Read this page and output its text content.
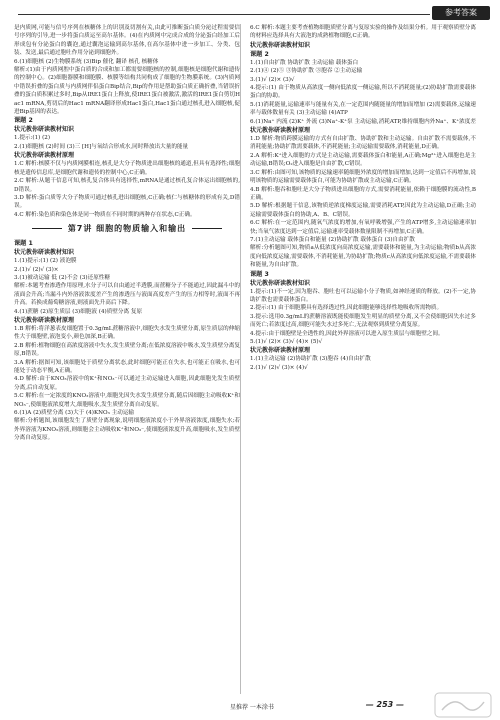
参考答案
是内质网,可能与信号序列在核糖体上的识别及切割有关,由此可推断蛋白质分泌过程需要信号序列的引导,进一步将蛋白质运至高尔基体。(4)在内质网中完成合成的分泌蛋白经加工后形成包有分泌蛋白的囊泡,通过囊泡运输到高尔基体,在高尔基体中进一步加工、分类、包装、发送,最后通过胞吐作用分泌到细胞外。
6.(1)细胞核 (2)生物膜系统 (3)Bip 催化 翻译 核孔 核糖体
解析:(1)由于内质网腔中蛋白质的合成和加工都需要细胞核的控制,细胞核是细胞代谢和遗传的控制中心。(2)细胞器膜和细胞膜、核膜等结构共同构成了细胞的生物膜系统。(3)内质网中错误折叠的蛋白质与内质网伴侣蛋白Bip结合,Bip的作用是帮助蛋白质正确折叠,当错误折叠的蛋白质积累过多时,Bip从IRE1蛋白上释放,使IRE1蛋白被激活,激活的IRE1蛋白剪切Hac1 mRNA,剪切后的Hac1 mRNA翻译形成Hac1蛋白,Hac1蛋白通过核孔进入细胞核,促进Bip基因的表达。
课题 2
状元教你研读教材知识
1.提示:(1) (2)
2.(1)细胞核 (2)时间 (3)三 [H]与氧结合形成水,同时释放出大量的能量
状元教你研读教材原理
1.C 解析:核膜不仅与内质网膜相连,核孔是大分子物质进出细胞核的通道,但具有选择性;细胞核是遗传信息库,是细胞代谢和遗传的控制中心,C正确。
2.C 解析:从题干信息可知,核孔复合体具有选择性,mRNA是通过核孔复合体运出细胞核的,D错误。
3.D 解析:蛋白质等大分子物质可通过核孔进出细胞核,C正确;核仁与核糖体的形成有关,D错误。
4.C 解析:染色质和染色体是同一物质在不同时期的两种存在状态,C正确。
第7讲 细胞的物质输入和输出
课题 1
状元教你研读教材知识
1.(1)提示:(1) (2) 液泡膜
2.(1)√ (2)√ (3)×
3.(1)被动运输 低 (2)不会 (3)还原性糖
解析:本题考查渗透作用原理,水分子可以自由通过半透膜,而蔗糖分子不能通过,因此漏斗中的液面会升高;当漏斗内外溶液浓度差产生的渗透压与液面高度差产生的压力相等时,液面不再升高。若换成葡萄糖溶液,则液面先升高后下降。
4.(1)蔗糖 (2)原生质层 (3)细胞液 (4)质壁分离 复原
状元教你研读教材原理
1.B 解析:将洋葱表皮细胞置于0.3g/mL蔗糖溶液中,细胞失水发生质壁分离,原生质层的伸缩性大于细胞壁,液泡变小,颜色加深,B正确。
2.B 解析:植物细胞在高浓度溶液中失水,发生质壁分离;在低浓度溶液中吸水,发生质壁分离复原,B错误。
3.A 解析:据图可知,该细胞处于质壁分离状态,此时细胞可能正在失水,也可能正在吸水,也可能处于动态平衡,A正确。
4.D 解析:由于KNO₃溶液中的K⁺和NO₃⁻可以通过主动运输进入细胞,因此细胞先发生质壁分离,后自动复原。
5.C 解析:在一定浓度的KNO₃溶液中,细胞先因失水发生质壁分离,随后因细胞主动吸收K⁺和NO₃⁻,使细胞液浓度增大,细胞吸水,发生质壁分离自动复原。
6.(1)A (2)质壁分离 (3)大于 (4)KNO₃ 主动运输
解析:分析题图,该细胞发生了质壁分离现象,说明细胞液浓度小于外界溶液浓度,细胞失水;若外界溶液为KNO₃溶液,则细胞会主动吸收K⁺和NO₃⁻,使细胞液浓度升高,细胞吸水,发生质壁分离自动复原。
6.C 解析:本题主要考查植物细胞质壁分离与复原实验的操作及结果分析。用于观察质壁分离的材料应选择具有大液泡的成熟植物细胞,C正确。
状元教你研读教材知识
课题 2
1.(1)自由扩散 协助扩散 主动运输 载体蛋白
2.(1)④ (2)⑤ ③协助扩散 ③胞吞 ②主动运输
3.(1)√ (2)× (3)√
4.提示:(1) 由于物质从高浓度一侧向低浓度一侧运输,所以不消耗能量;(2)协助扩散需要载体蛋白的协助。
5.(1)消耗能量,运输速率与能量有关,在一定范围内随能量的增加而增加 (2)需要载体,运输速率与载体数量有关 (3)主动运输 (4)ATP
6.(1)Na⁺ 内流 (2)K⁺ 外流 (3)Na⁺-K⁺泵 主动运输,消耗ATP,维持细胞内外Na⁺、K⁺浓度差
状元教你研读教材原理
1.D 解析:物质跨膜运输的方式有自由扩散、协助扩散和主动运输。自由扩散不需要载体,不消耗能量;协助扩散需要载体,不消耗能量;主动运输需要载体,消耗能量,D正确。
2.A 解析:K⁺进入细胞的方式是主动运输,需要载体蛋白和能量,A正确;Mg²⁺进入细胞也是主动运输,B错误;O₂进入细胞是自由扩散,C错误。
3.C 解析:由图可知,该物质的运输速率随细胞外浓度的增加而增加,达到一定值后不再增加,说明该物质的运输需要载体蛋白,可能为协助扩散或主动运输,C正确。
4.B 解析:胞吞和胞吐是大分子物质进出细胞的方式,需要消耗能量,依赖于细胞膜的流动性,B正确。
5.D 解析:根据题干信息,该物质逆浓度梯度运输,需要消耗ATP,因此为主动运输,D正确;主动运输需要载体蛋白的协助,A、B、C错误。
6.C 解析:在一定范围内,随氧气浓度的增加,有氧呼吸增强,产生的ATP增多,主动运输速率加快;当氧气浓度达到一定值后,运输速率受载体数量限制不再增加,C正确。
7.(1)主动运输 载体蛋白和能量 (2)协助扩散 载体蛋白 (3)自由扩散
解析:分析题图可知,物质a从低浓度向高浓度运输,需要载体和能量,为主动运输;物质b从高浓度向低浓度运输,需要载体,不消耗能量,为协助扩散;物质c从高浓度向低浓度运输,不需要载体和能量,为自由扩散。
课题 3
状元教你研读教材知识
1.提示:(1)不一定,因为胞吞、胞吐也可以运输小分子物质,如神经递质的释放。(2)不一定,协助扩散也需要载体蛋白。
2.提示:(1) 由于细胞膜具有选择透过性,因此细胞能够选择性地吸收所需物质。
3.提示:选用0.3g/mL的蔗糖溶液既能使细胞发生明显的质壁分离,又不会使细胞因失水过多而死亡;若浓度过高,细胞可能失水过多死亡,无法观察到质壁分离复原。
4.提示:由于细胞壁是全透性的,因此外界溶液可以进入原生质层与细胞壁之间。
5.(1)√ (2)× (3)√ (4)× (5)√
状元教你研读教材原理
1.(1)主动运输 (2)协助扩散 (3)胞吞 (4)自由扩散
2.(1)√ (2)√ (3)× (4)√
星推荐 一本涂书	— 253 —
